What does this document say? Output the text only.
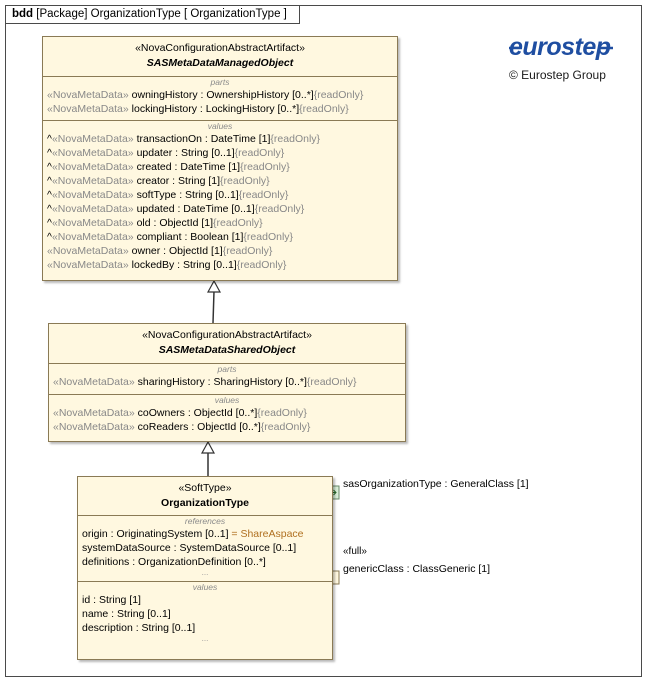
bdd [Package] OrganizationType [ OrganizationType ]
eurostep
© Eurostep Group
«NovaConfigurationAbstractArtifact»
SASMetaDataManagedObject
parts
«NovaMetaData» owningHistory : OwnershipHistory [0..*]{readOnly}
«NovaMetaData» lockingHistory : LockingHistory [0..*]{readOnly}
values
^«NovaMetaData» transactionOn : DateTime [1]{readOnly}
^«NovaMetaData» updater : String [0..1]{readOnly}
^«NovaMetaData» created : DateTime [1]{readOnly}
^«NovaMetaData» creator : String [1]{readOnly}
^«NovaMetaData» softType : String [0..1]{readOnly}
^«NovaMetaData» updated : DateTime [0..1]{readOnly}
^«NovaMetaData» old : ObjectId [1]{readOnly}
^«NovaMetaData» compliant : Boolean [1]{readOnly}
«NovaMetaData» owner : ObjectId [1]{readOnly}
«NovaMetaData» lockedBy : String [0..1]{readOnly}
«NovaConfigurationAbstractArtifact»
SASMetaDataSharedObject
parts
«NovaMetaData» sharingHistory : SharingHistory [0..*]{readOnly}
values
«NovaMetaData» coOwners : ObjectId [0..*]{readOnly}
«NovaMetaData» coReaders : ObjectId [0..*]{readOnly}
«SoftType»
OrganizationType
references
origin : OriginatingSystem [0..1] = ShareAspace
systemDataSource : SystemDataSource [0..1]
definitions : OrganizationDefinition [0..*]
...
values
id : String [1]
name : String [0..1]
description : String [0..1]
...
sasOrganizationType : GeneralClass [1]
«full»
genericClass : ClassGeneric [1]
